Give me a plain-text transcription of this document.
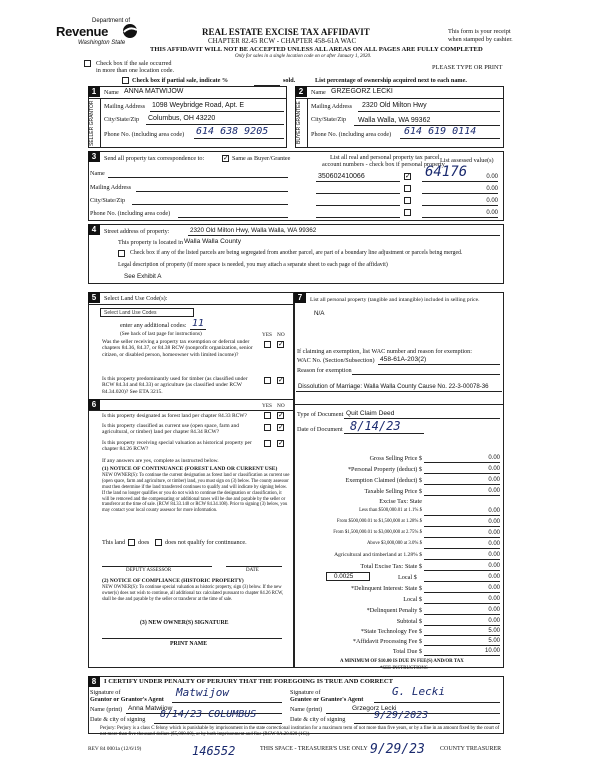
Department of
Revenue
Washington State
REAL ESTATE EXCISE TAX AFFIDAVIT
CHAPTER 82.45 RCW - CHAPTER 458-61A WAC
THIS AFFIDAVIT WILL NOT BE ACCEPTED UNLESS ALL AREAS ON ALL PAGES ARE FULLY COMPLETED
Only for sales in a single location code on or after January 1, 2020.
This form is your receipt
when stamped by cashier.
PLEASE TYPE OR PRINT
Check box if the sale occurred
in more than one location code.
Check box if partial sale, indicate %	sold.	List percentage of ownership acquired next to each name.
1	Name ANNA MATWIJOW
SELLER GRANTOR	Mailing Address 1098 Weybridge Road, Apt. E
City/State/Zip Columbus, OH 43220
Phone No. (including area code) 614 638 9205
2	Name GRZEGORZ LECKI
BUYER GRANTEE	Mailing Address 2320 Old Milton Hwy
City/State/Zip Walla Walla, WA 99362
Phone No. (including area code) 614 619 0114
3	Send all property tax correspondence to: ✓	Same as Buyer/Grantee
Name
Mailing Address
City/State/Zip
Phone No. (including area code)
List all real and personal property tax parcel
account numbers - check box if personal property
List assessed value(s)
350602410066 ✓	64176	0.00
0.00
0.00
0.00
4	Street address of property:	2320 Old Milton Hwy, Walla Walla, WA 99362
This property is located in Walla Walla County
Check box if any of the listed parcels are being segregated from another parcel, are part of a boundary line adjustment or parcels being merged.
Legal description of property (if more space is needed, you may attach a separate sheet to each page of the affidavit)
See Exhibit A
5	Select Land Use Code(s):
Select Land Use Codes
enter any additional codes: 11
(See back of last page for instructions)	YES NO
Was the seller receiving a property tax exemption or deferral under chapters 84.36, 84.37, or 84.38 RCW (nonprofit organization, senior citizen, or disabled person, homeowner with limited income)?
✓
Is this property predominantly used for timber (as classified under RCW 84.34 and 84.33) or agriculture (as classified under RCW 84.34.020)? See ETA 3215.
✓
6	YES NO
Is this property designated as forest land per chapter 84.33 RCW?
✓
Is this property classified as current use (open space, farm and agricultural, or timber) land per chapter 84.34 RCW?
✓
Is this property receiving special valuation as historical property per chapter 84.26 RCW?
✓
If any answers are yes, complete as instructed below.
(1) NOTICE OF CONTINUANCE (FOREST LAND OR CURRENT USE)
NEW OWNER(S): To continue the current designation as forest land or classification as current use (open space, farm and agriculture, or timber) land, you must sign on (3) below. The county assessor must then determine if the land transferred continues to qualify and will indicate by signing below. If the land no longer qualifies or you do not wish to continue the designation or classification, it will be removed and the compensating or additional taxes will be due and payable by the seller or transferor at the time of sale. (RCW 84.33.140 or RCW 84.34.108). Prior to signing (3) below, you may contact your local county assessor for more information.
This land does	does not qualify for continuance.
DEPUTY ASSESSOR	DATE
(2) NOTICE OF COMPLIANCE (HISTORIC PROPERTY)
NEW OWNER(S): To continue special valuation as historic property, sign (3) below. If the new owner(s) does not wish to continue, all additional tax calculated pursuant to chapter 84.26 RCW, shall be due and payable by the seller or transferor at the time of sale.
(3) NEW OWNER(S) SIGNATURE
PRINT NAME
7	List all personal property (tangible and intangible) included in selling price.
N/A
If claiming an exemption, list WAC number and reason for exemption:
WAC No. (Section/Subsection) 458-61A-203(2)
Reason for exemption
Dissolution of Marriage: Walla Walla County Cause No. 22-3-00078-36
Type of Document Quit Claim Deed
Date of Document 8/14/23
Gross Selling Price $	0.00
*Personal Property (deduct) $	0.00
Exemption Claimed (deduct) $	0.00
Taxable Selling Price $	0.00
Excise Tax: State
Less than $500,000.01 at 1.1% $	0.00
From $500,000.01 to $1,500,000 at 1.28% $	0.00
From $1,500,000.01 to $3,000,000 at 2.75% $	0.00
Above $3,000,000 at 3.0% $	0.00
Agricultural and timberland at 1.28% $	0.00
Total Excise Tax: State $	0.00
0.0025	Local $	0.00
*Delinquent Interest: State $	0.00
Local $	0.00
*Delinquent Penalty $	0.00
Subtotal $	0.00
*State Technology Fee $	5.00
*Affidavit Processing Fee $	5.00
Total Due $	10.00
A MINIMUM OF $10.00 IS DUE IN FEE(S) AND/OR TAX
*SEE INSTRUCTIONS
8	I CERTIFY UNDER PENALTY OF PERJURY THAT THE FOREGOING IS TRUE AND CORRECT
Signature of
Grantor or Grantor's Agent
Matwijow
Name (print) Anna Matwijow
Date & city of signing 8/14/23 COLUMBUS
Signature of
Grantee or Grantee's Agent
G. Lecki
Name (print)	Grzegorz Lecki
Date & city of signing	9/29/2023
Perjury: Perjury is a class C felony which is punishable by imprisonment in the state correctional institution for a maximum term of not more than five years, or by a fine in an amount fixed by the court of not more than five thousand dollars ($5,000.00), or by both imprisonment and fine (RCW 9A.20.020 (1C)).
REV 84 0001a (12/6/19)	THIS SPACE - TREASURER'S USE ONLY	COUNTY TREASURER
146552	9/29/23
